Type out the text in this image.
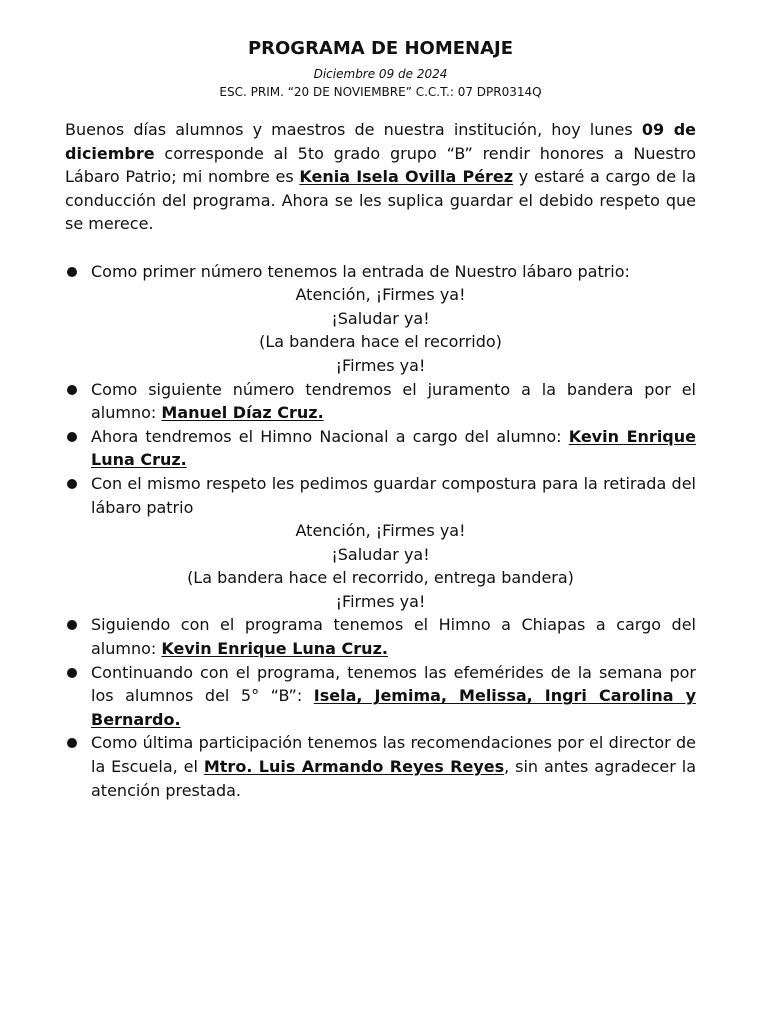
PROGRAMA DE HOMENAJE
Diciembre 09 de 2024
ESC. PRIM. “20 DE NOVIEMBRE” C.C.T.: 07 DPR0314Q

Buenos días alumnos y maestros de nuestra institución, hoy lunes 09 de diciembre corresponde al 5to grado grupo “B” rendir honores a Nuestro Lábaro Patrio; mi nombre es Kenia Isela Ovilla Pérez y estaré a cargo de la conducción del programa. Ahora se les suplica guardar el debido respeto que se merece.

Como primer número tenemos la entrada de Nuestro lábaro patrio:
Atención, ¡Firmes ya!
¡Saludar ya!
(La bandera hace el recorrido)
¡Firmes ya!
Como siguiente número tendremos el juramento a la bandera por el alumno: Manuel Díaz Cruz.
Ahora tendremos el Himno Nacional a cargo del alumno: Kevin Enrique Luna Cruz.
Con el mismo respeto les pedimos guardar compostura para la retirada del lábaro patrio
Atención, ¡Firmes ya!
¡Saludar ya!
(La bandera hace el recorrido, entrega bandera)
¡Firmes ya!
Siguiendo con el programa tenemos el Himno a Chiapas a cargo del alumno: Kevin Enrique Luna Cruz.
Continuando con el programa, tenemos las efemérides de la semana por los alumnos del 5° “B”: Isela, Jemima, Melissa, Ingri Carolina y Bernardo.
Como última participación tenemos las recomendaciones por el director de la Escuela, el Mtro. Luis Armando Reyes Reyes, sin antes agradecer la atención prestada.
